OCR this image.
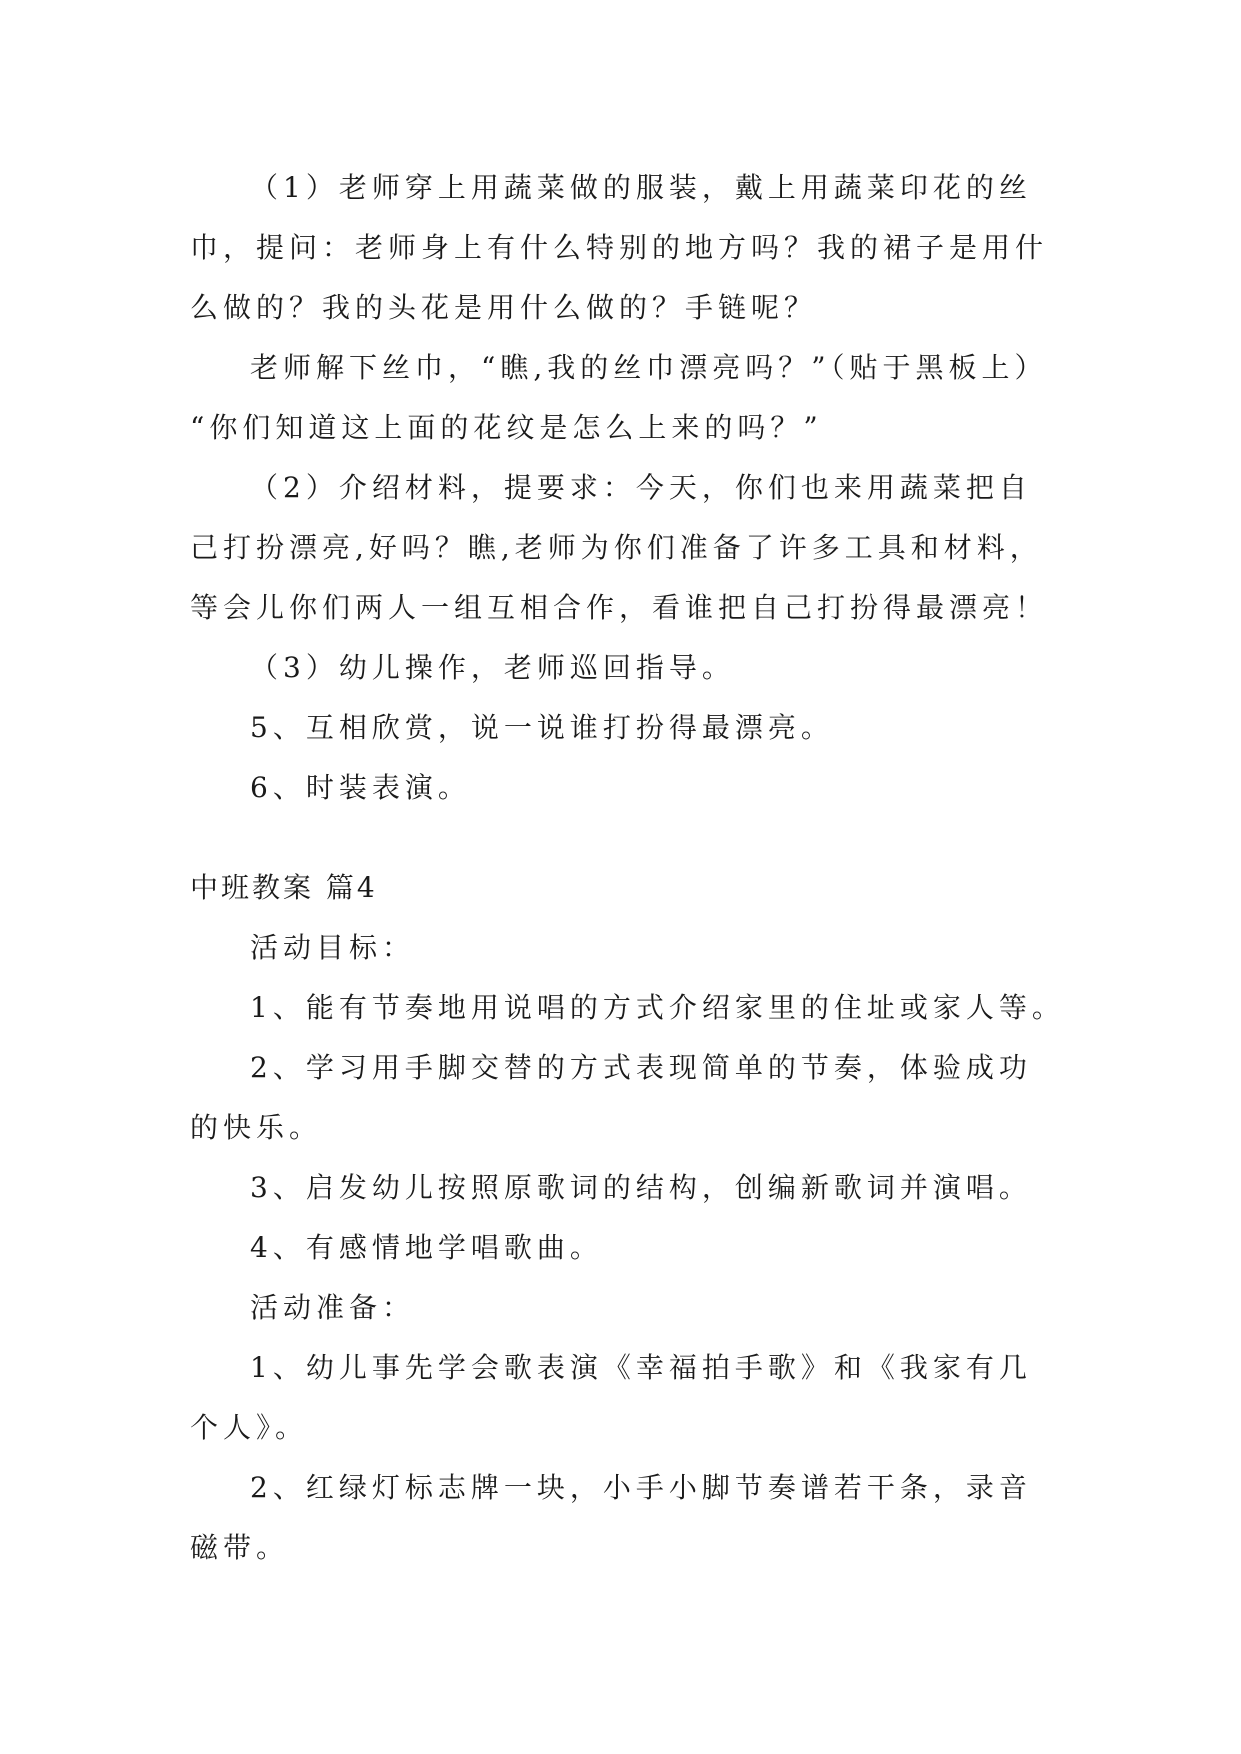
（1）老师穿上用蔬菜做的服装，戴上用蔬菜印花的丝
巾，提问：老师身上有什么特别的地方吗？我的裙子是用什
么做的？我的头花是用什么做的？手链呢？
老师解下丝巾，“瞧,我的丝巾漂亮吗？”（贴于黑板上）
“你们知道这上面的花纹是怎么上来的吗？”
（2）介绍材料，提要求：今天，你们也来用蔬菜把自
己打扮漂亮,好吗？瞧,老师为你们准备了许多工具和材料，
等会儿你们两人一组互相合作，看谁把自己打扮得最漂亮！
（3）幼儿操作，老师巡回指导。
5、互相欣赏，说一说谁打扮得最漂亮。
6、时装表演。
中班教案 篇4
活动目标：
1、能有节奏地用说唱的方式介绍家里的住址或家人等。
2、学习用手脚交替的方式表现简单的节奏，体验成功
的快乐。
3、启发幼儿按照原歌词的结构，创编新歌词并演唱。
4、有感情地学唱歌曲。
活动准备：
1、幼儿事先学会歌表演《幸福拍手歌》和《我家有几
个人》。
2、红绿灯标志牌一块，小手小脚节奏谱若干条，录音
磁带。
